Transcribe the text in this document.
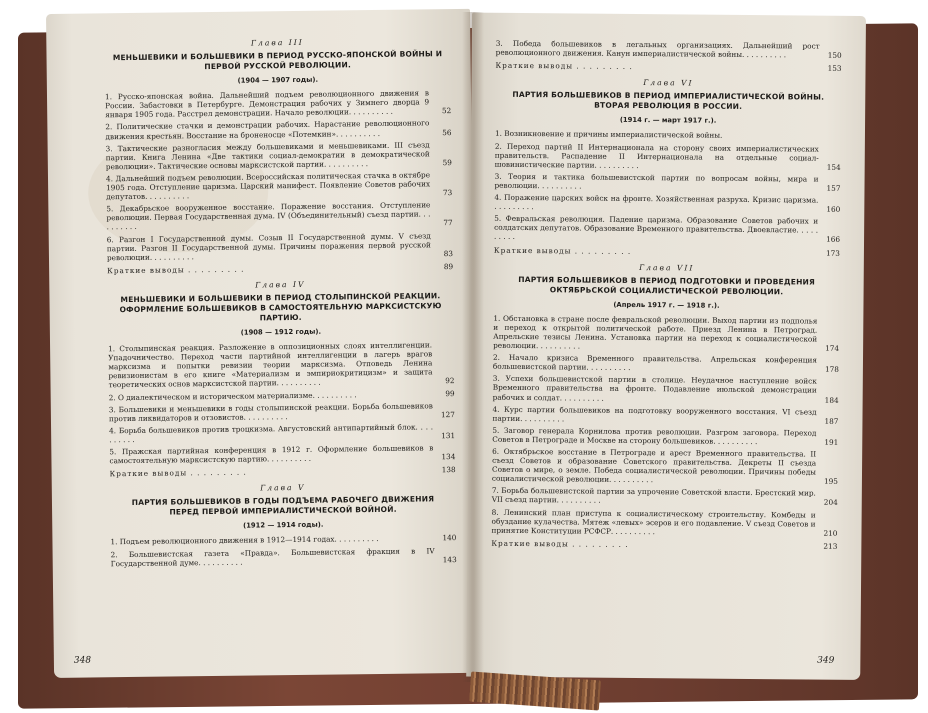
Глава III
МЕНЬШЕВИКИ И БОЛЬШЕВИКИ В ПЕРИОД РУССКО-ЯПОНСКОЙ ВОЙНЫ И ПЕРВОЙ РУССКОЙ РЕВОЛЮЦИИ.
(1904 — 1907 годы).
1. Русско-японская война. Дальнейший подъем революционного движения в России. Забастовки в Петербурге. Демонстрация рабочих у Зимнего дворца 9 января 1905 года. Расстрел демонстрации. Начало революции. . . . . . . . . .	52
2. Политические стачки и демонстрации рабочих. Нарастание революционного движения крестьян. Восстание на броненосце «Потемкин». . . . . . . . . .	56
3. Тактические разногласия между большевиками и меньшевиками. III съезд партии. Книга Ленина «Две тактики социал-демократии в демократической революции». Тактические основы марксистской партии. . . . . . . . . .	59
4. Дальнейший подъем революции. Всероссийская политическая стачка в октябре 1905 года. Отступление царизма. Царский манифест. Появление Советов рабочих депутатов. . . . . . . . . .	73
5. Декабрьское вооруженное восстание. Поражение восстания. Отступление революции. Первая Государственная дума. IV (Объединительный) съезд партии. . . . . . . . . .	77
6. Разгон I Государственной думы. Созыв II Государственной думы. V съезд партии. Разгон II Государственной думы. Причины поражения первой русской революции. . . . . . . . . .	83
Краткие выводы . . . . . . . . .	89
Глава IV
МЕНЬШЕВИКИ И БОЛЬШЕВИКИ В ПЕРИОД СТОЛЫПИНСКОЙ РЕАКЦИИ. ОФОРМЛЕНИЕ БОЛЬШЕВИКОВ В САМОСТОЯТЕЛЬНУЮ МАРКСИСТСКУЮ ПАРТИЮ.
(1908 — 1912 годы).
1. Столыпинская реакция. Разложение в оппозиционных слоях интеллигенции. Упадочничество. Переход части партийной интеллигенции в лагерь врагов марксизма и попытки ревизии теории марксизма. Отповедь Ленина ревизионистам в его книге «Материализм и эмпириокритицизм» и защита теоретических основ марксистской партии. . . . . . . . . .	92
2. О диалектическом и историческом материализме. . . . . . . . . .	99
3. Большевики и меньшевики в годы столыпинской реакции. Борьба большевиков против ликвидаторов и отзовистов. . . . . . . . . .	127
4. Борьба большевиков против троцкизма. Августовский антипартийный блок. . . . . . . . . .	131
5. Пражская партийная конференция в 1912 г. Оформление большевиков в самостоятельную марксистскую партию. . . . . . . . . .	134
Краткие выводы . . . . . . . . .	138
Глава V
ПАРТИЯ БОЛЬШЕВИКОВ В ГОДЫ ПОДЪЕМА РАБОЧЕГО ДВИЖЕНИЯ ПЕРЕД ПЕРВОЙ ИМПЕРИАЛИСТИЧЕСКОЙ ВОЙНОЙ.
(1912 — 1914 годы).
1. Подъем революционного движения в 1912—1914 годах. . . . . . . . . .	140
2. Большевистская газета «Правда». Большевистская фракция в IV Государственной думе. . . . . . . . . .	143
348
3. Победа большевиков в легальных организациях. Дальнейший рост революционного движения. Канун империалистической войны. . . . . . . . . .	150
Краткие выводы . . . . . . . . .	153
Глава VI
ПАРТИЯ БОЛЬШЕВИКОВ В ПЕРИОД ИМПЕРИАЛИСТИЧЕСКОЙ ВОЙНЫ. ВТОРАЯ РЕВОЛЮЦИЯ В РОССИИ.
(1914 г. — март 1917 г.).
1. Возникновение и причины империалистической войны.
2. Переход партий II Интернационала на сторону своих империалистических правительств. Распадение II Интернационала на отдельные социал-шовинистические партии. . . . . . . . . .	154
3. Теория и тактика большевистской партии по вопросам войны, мира и революции. . . . . . . . . .	157
4. Поражение царских войск на фронте. Хозяйственная разруха. Кризис царизма. . . . . . . . . .	160
5. Февральская революция. Падение царизма. Образование Советов рабочих и солдатских депутатов. Образование Временного правительства. Двоевластие. . . . . . . . . .	166
Краткие выводы . . . . . . . . .	173
Глава VII
ПАРТИЯ БОЛЬШЕВИКОВ В ПЕРИОД ПОДГОТОВКИ И ПРОВЕДЕНИЯ ОКТЯБРЬСКОЙ СОЦИАЛИСТИЧЕСКОЙ РЕВОЛЮЦИИ.
(Апрель 1917 г. — 1918 г.).
1. Обстановка в стране после февральской революции. Выход партии из подполья и переход к открытой политической работе. Приезд Ленина в Петроград. Апрельские тезисы Ленина. Установка партии на переход к социалистической революции. . . . . . . . . .	174
2. Начало кризиса Временного правительства. Апрельская конференция большевистской партии. . . . . . . . . .	178
3. Успехи большевистской партии в столице. Неудачное наступление войск Временного правительства на фронте. Подавление июльской демонстрации рабочих и солдат. . . . . . . . . .	184
4. Курс партии большевиков на подготовку вооруженного восстания. VI съезд партии. . . . . . . . . .	187
5. Заговор генерала Корнилова против революции. Разгром заговора. Переход Советов в Петрограде и Москве на сторону большевиков. . . . . . . . . .	191
6. Октябрьское восстание в Петрограде и арест Временного правительства. II съезд Советов и образование Советского правительства. Декреты II съезда Советов о мире, о земле. Победа социалистической революции. Причины победы социалистической революции. . . . . . . . . .	195
7. Борьба большевистской партии за упрочение Советской власти. Брестский мир. VII съезд партии. . . . . . . . . .	204
8. Ленинский план приступа к социалистическому строительству. Комбеды и обуздание кулачества. Мятеж «левых» эсеров и его подавление. V съезд Советов и принятие Конституции РСФСР. . . . . . . . . .	210
Краткие выводы . . . . . . . . .	213
349
